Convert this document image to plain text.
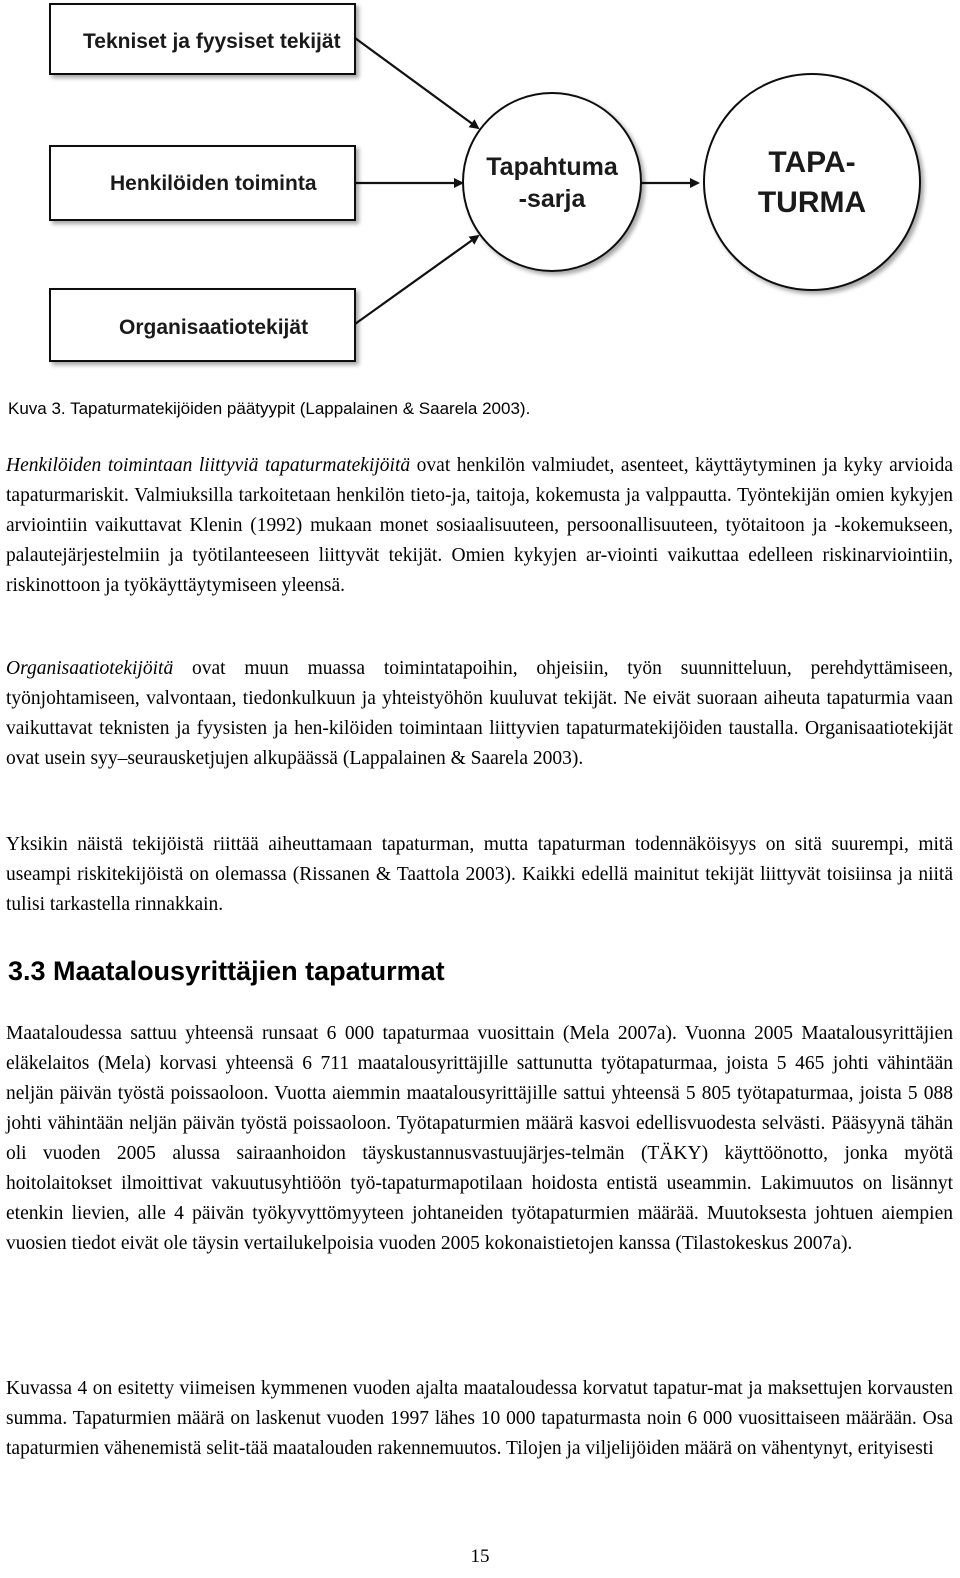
Tekniset ja fyysiset tekijät
Henkilöiden toiminta
Organisaatiotekijät
Tapahtuma
-sarja
TAPA-
TURMA
Kuva 3. Tapaturmatekijöiden päätyypit (Lappalainen & Saarela 2003).

Henkilöiden toimintaan liittyviä tapaturmatekijöitä ovat henkilön valmiudet, asenteet, käyttäytyminen ja kyky arvioida tapaturmariskit. Valmiuksilla tarkoitetaan henkilön tieto-ja, taitoja, kokemusta ja valppautta. Työntekijän omien kykyjen arviointiin vaikuttavat Klenin (1992) mukaan monet sosiaalisuuteen, persoonallisuuteen, työtaitoon ja -kokemukseen, palautejärjestelmiin ja työtilanteeseen liittyvät tekijät. Omien kykyjen ar-viointi vaikuttaa edelleen riskinarviointiin, riskinottoon ja työkäyttäytymiseen yleensä.

Organisaatiotekijöitä ovat muun muassa toimintatapoihin, ohjeisiin, työn suunnitteluun, perehdyttämiseen, työnjohtamiseen, valvontaan, tiedonkulkuun ja yhteistyöhön kuuluvat tekijät. Ne eivät suoraan aiheuta tapaturmia vaan vaikuttavat teknisten ja fyysisten ja hen-kilöiden toimintaan liittyvien tapaturmatekijöiden taustalla. Organisaatiotekijät ovat usein syy–seurausketjujen alkupäässä (Lappalainen & Saarela 2003).

Yksikin näistä tekijöistä riittää aiheuttamaan tapaturman, mutta tapaturman todennäköisyys on sitä suurempi, mitä useampi riskitekijöistä on olemassa (Rissanen & Taattola 2003). Kaikki edellä mainitut tekijät liittyvät toisiinsa ja niitä tulisi tarkastella rinnakkain.

3.3 Maatalousyrittäjien tapaturmat

Maataloudessa sattuu yhteensä runsaat 6 000 tapaturmaa vuosittain (Mela 2007a). Vuonna 2005 Maatalousyrittäjien eläkelaitos (Mela) korvasi yhteensä 6 711 maatalousyrittäjille sattunutta työtapaturmaa, joista 5 465 johti vähintään neljän päivän työstä poissaoloon. Vuotta aiemmin maatalousyrittäjille sattui yhteensä 5 805 työtapaturmaa, joista 5 088 johti vähintään neljän päivän työstä poissaoloon. Työtapaturmien määrä kasvoi edellisvuodesta selvästi. Pääsyynä tähän oli vuoden 2005 alussa sairaanhoidon täyskustannusvastuujärjes-telmän (TÄKY) käyttöönotto, jonka myötä hoitolaitokset ilmoittivat vakuutusyhtiöön työ-tapaturmapotilaan hoidosta entistä useammin. Lakimuutos on lisännyt etenkin lievien, alle 4 päivän työkyvyttömyyteen johtaneiden työtapaturmien määrää. Muutoksesta johtuen aiempien vuosien tiedot eivät ole täysin vertailukelpoisia vuoden 2005 kokonaistietojen kanssa (Tilastokeskus 2007a).

Kuvassa 4 on esitetty viimeisen kymmenen vuoden ajalta maataloudessa korvatut tapatur-mat ja maksettujen korvausten summa. Tapaturmien määrä on laskenut vuoden 1997 lähes 10 000 tapaturmasta noin 6 000 vuosittaiseen määrään. Osa tapaturmien vähenemistä selit-tää maatalouden rakennemuutos. Tilojen ja viljelijöiden määrä on vähentynyt, erityisesti

15
